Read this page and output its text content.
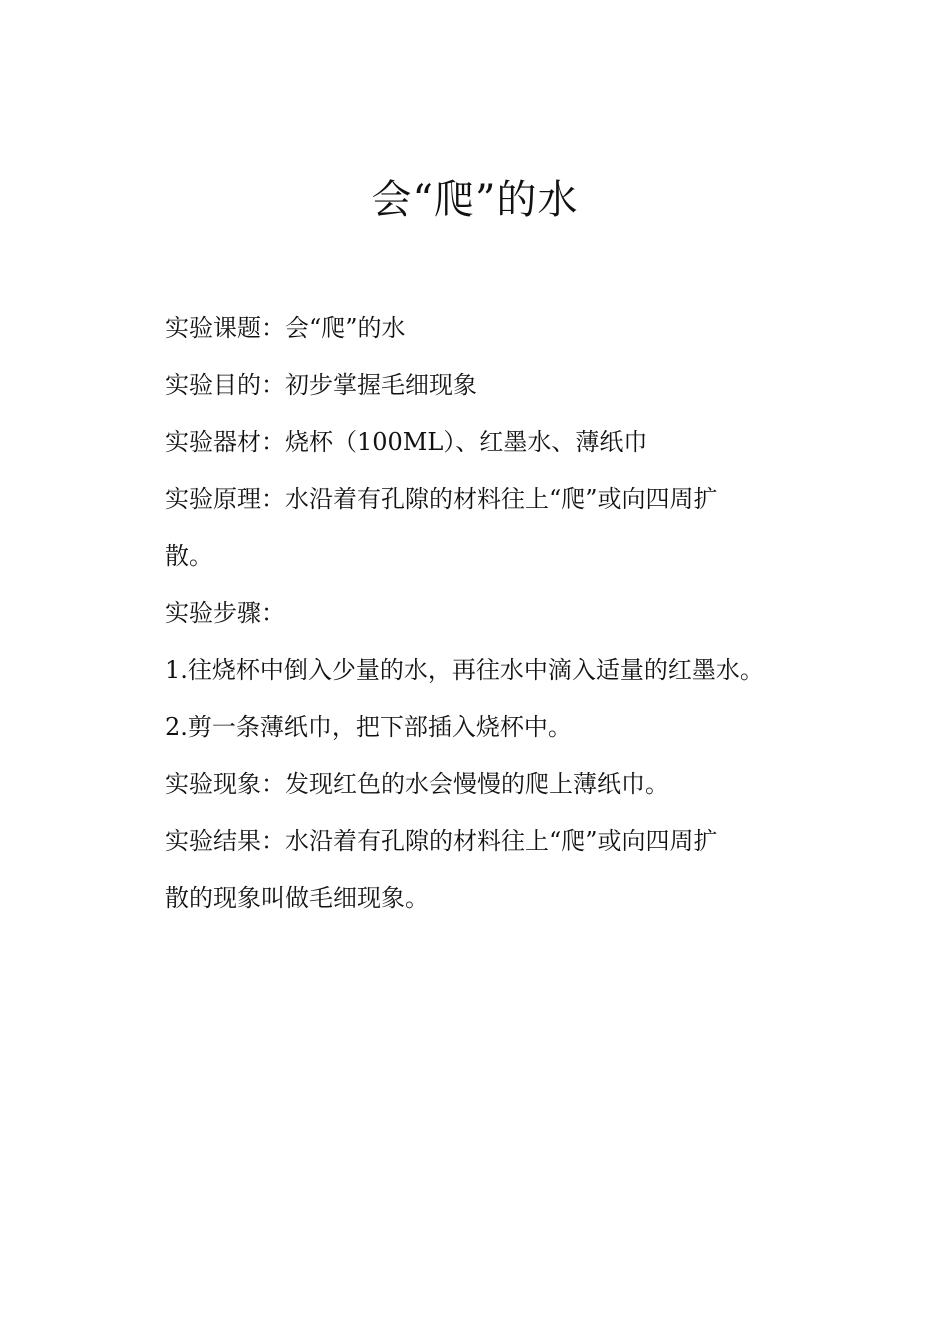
会“爬”的水
实验课题：会“爬”的水
实验目的：初步掌握毛细现象
实验器材：烧杯（100ML）、红墨水、薄纸巾
实验原理：水沿着有孔隙的材料往上“爬”或向四周扩
散。
实验步骤：
1.往烧杯中倒入少量的水，再往水中滴入适量的红墨水。
2.剪一条薄纸巾，把下部插入烧杯中。
实验现象：发现红色的水会慢慢的爬上薄纸巾。
实验结果：水沿着有孔隙的材料往上“爬”或向四周扩
散的现象叫做毛细现象。
